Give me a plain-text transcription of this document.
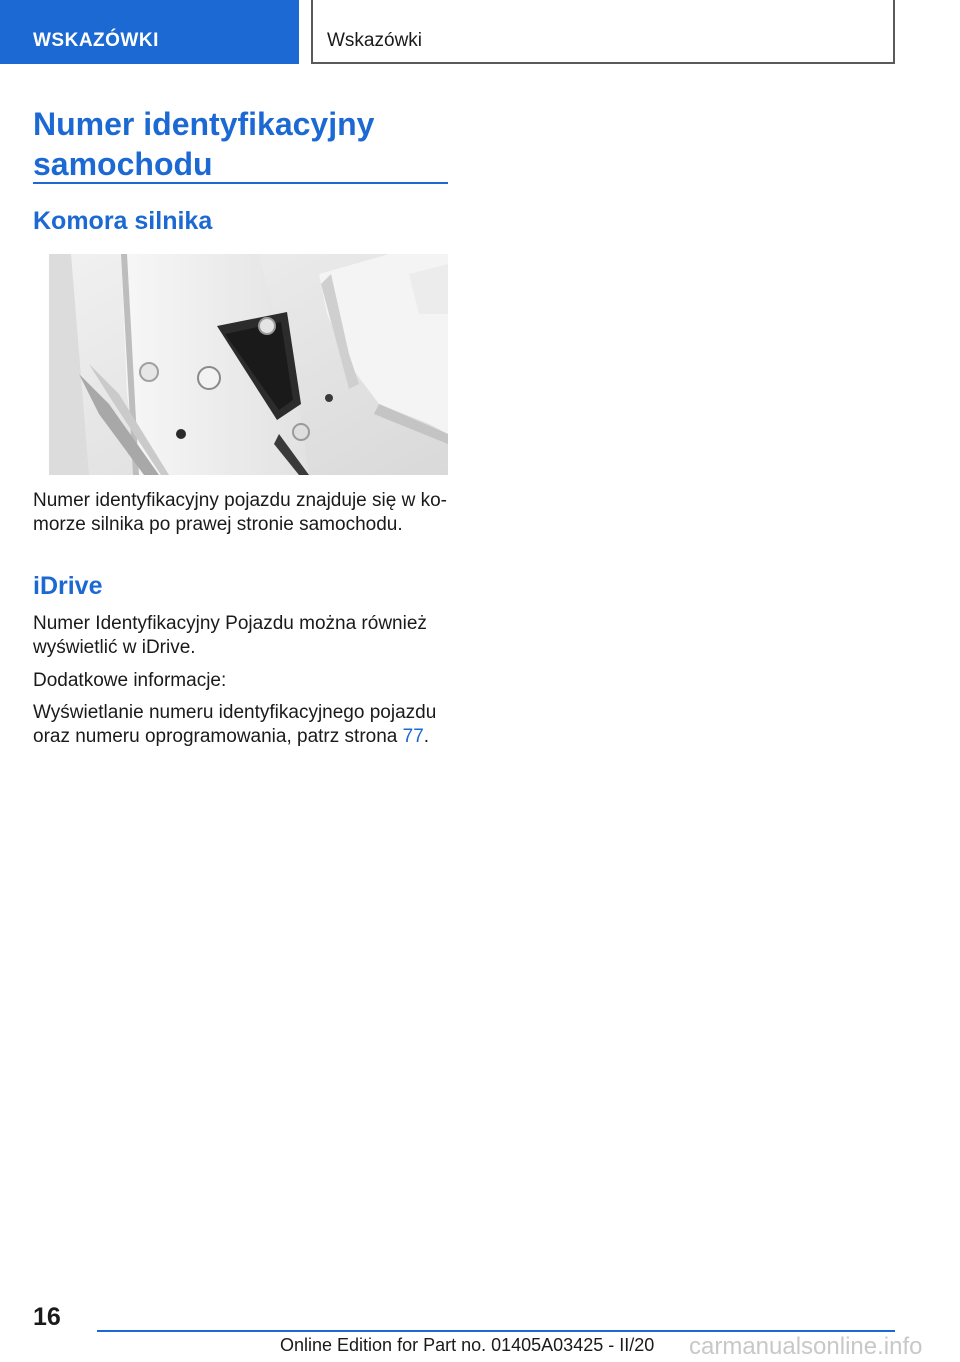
WSKAZÓWKI	Wskazówki
Numer identyfikacyjny
samochodu
Komora silnika

Numer identyfikacyjny pojazdu znajduje się w ko-
morze silnika po prawej stronie samochodu.

iDrive

Numer Identyfikacyjny Pojazdu można również
wyświetlić w iDrive.

Dodatkowe informacje:

Wyświetlanie numeru identyfikacyjnego pojazdu
oraz numeru oprogramowania, patrz strona 77.

16
Online Edition for Part no. 01405A03425 - II/20 carmanualsonline.info
